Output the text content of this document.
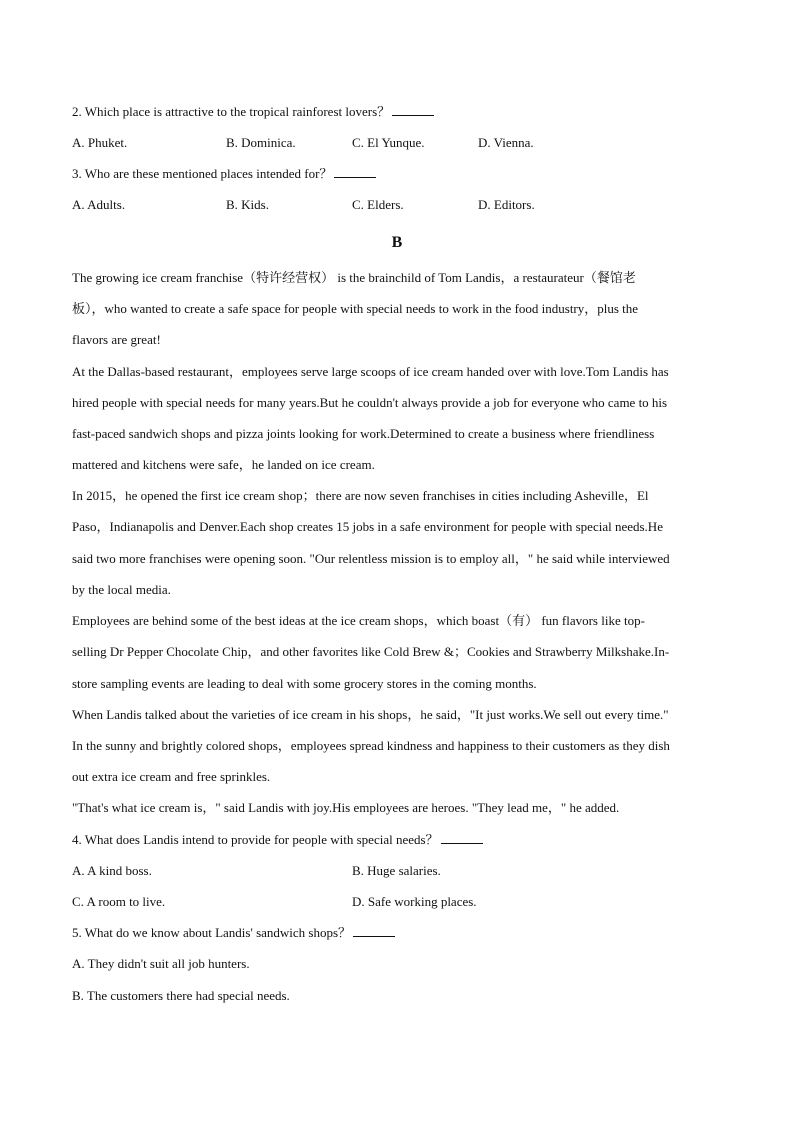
2. Which place is attractive to the tropical rainforest lovers？
A. Phuket.	B. Dominica.	C. El Yunque.	D. Vienna.
3. Who are these mentioned places intended for？
A. Adults.	B. Kids.	C. Elders.	D. Editors.
B
The growing ice cream franchise（特许经营权） is the brainchild of Tom Landis，a restaurateur（餐馆老
板），who wanted to create a safe space for people with special needs to work in the food industry，plus the
flavors are great!
At the Dallas-based restaurant，employees serve large scoops of ice cream handed over with love.Tom Landis has
hired people with special needs for many years.But he couldn't always provide a job for everyone who came to his
fast-paced sandwich shops and pizza joints looking for work.Determined to create a business where friendliness
mattered and kitchens were safe，he landed on ice cream.
In 2015，he opened the first ice cream shop；there are now seven franchises in cities including Asheville，El
Paso，Indianapolis and Denver.Each shop creates 15 jobs in a safe environment for people with special needs.He
said two more franchises were opening soon. "Our relentless mission is to employ all，" he said while interviewed
by the local media.
Employees are behind some of the best ideas at the ice cream shops，which boast（有） fun flavors like top-
selling Dr Pepper Chocolate Chip，and other favorites like Cold Brew &；Cookies and Strawberry Milkshake.In-
store sampling events are leading to deal with some grocery stores in the coming months.
When Landis talked about the varieties of ice cream in his shops，he said，"It just works.We sell out every time."
In the sunny and brightly colored shops，employees spread kindness and happiness to their customers as they dish
out extra ice cream and free sprinkles.
"That's what ice cream is，" said Landis with joy.His employees are heroes. "They lead me，" he added.
4. What does Landis intend to provide for people with special needs？
A. A kind boss.	B. Huge salaries.
C. A room to live.	D. Safe working places.
5. What do we know about Landis' sandwich shops？
A. They didn't suit all job hunters.
B. The customers there had special needs.
